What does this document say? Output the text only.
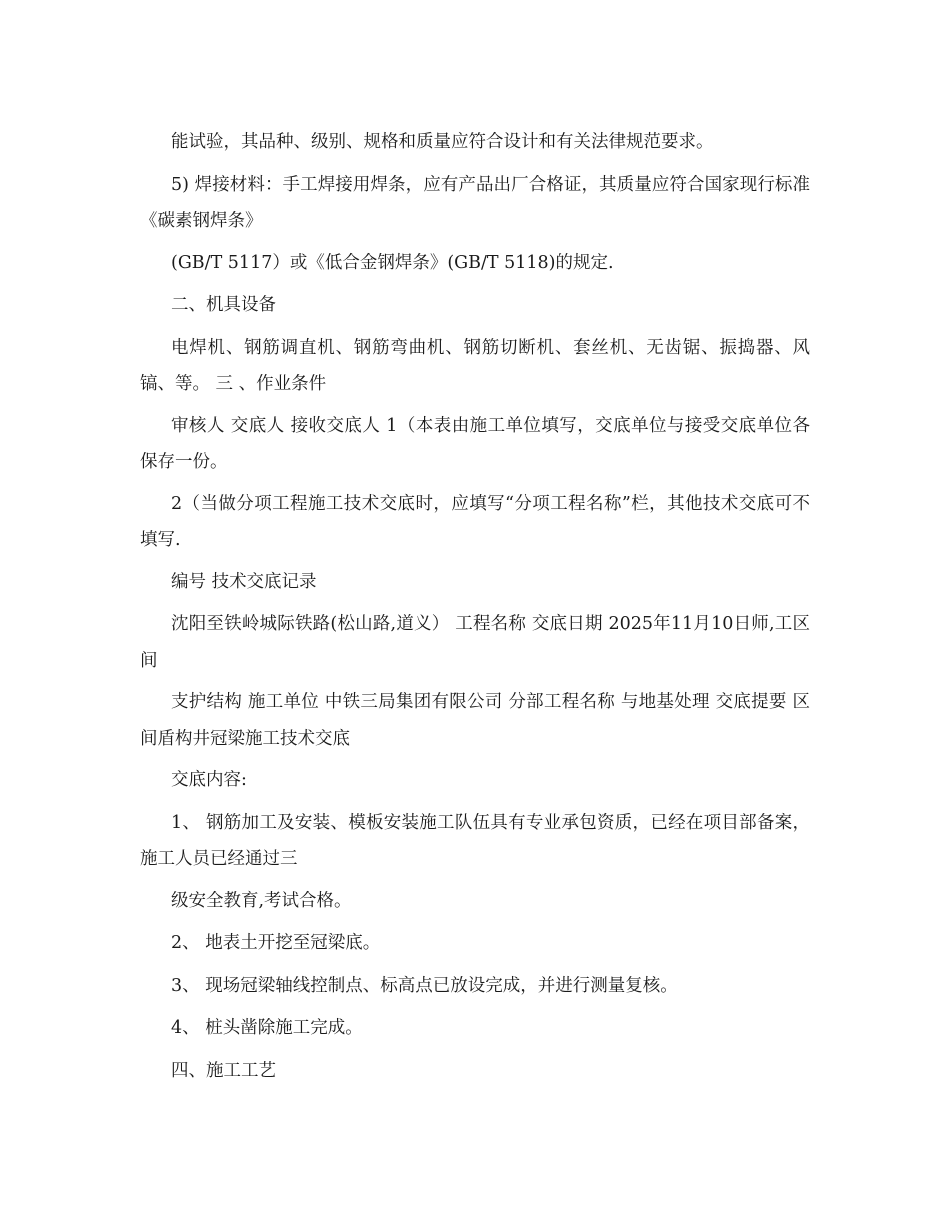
能试验，其品种、级别、规格和质量应符合设计和有关法律规范要求。

5) 焊接材料：手工焊接用焊条，应有产品出厂合格证，其质量应符合国家现行标准《碳素钢焊条》

(GB/T 5117）或《低合金钢焊条》(GB/T 5118)的规定.

二、机具设备

电焊机、钢筋调直机、钢筋弯曲机、钢筋切断机、套丝机、无齿锯、振捣器、风镐、等。 三 、作业条件

审核人 交底人 接收交底人 1（本表由施工单位填写，交底单位与接受交底单位各保存一份。

2（当做分项工程施工技术交底时，应填写“分项工程名称”栏，其他技术交底可不填写.

编号 技术交底记录

沈阳至铁岭城际铁路(松山路,道义） 工程名称 交底日期 2025年11月10日师,工区间

支护结构 施工单位 中铁三局集团有限公司 分部工程名称 与地基处理 交底提要 区间盾构井冠梁施工技术交底

交底内容:

1、 钢筋加工及安装、模板安装施工队伍具有专业承包资质，已经在项目部备案，施工人员已经通过三

级安全教育,考试合格。

2、 地表土开挖至冠梁底。

3、 现场冠梁轴线控制点、标高点已放设完成，并进行测量复核。

4、 桩头凿除施工完成。

四、施工工艺
